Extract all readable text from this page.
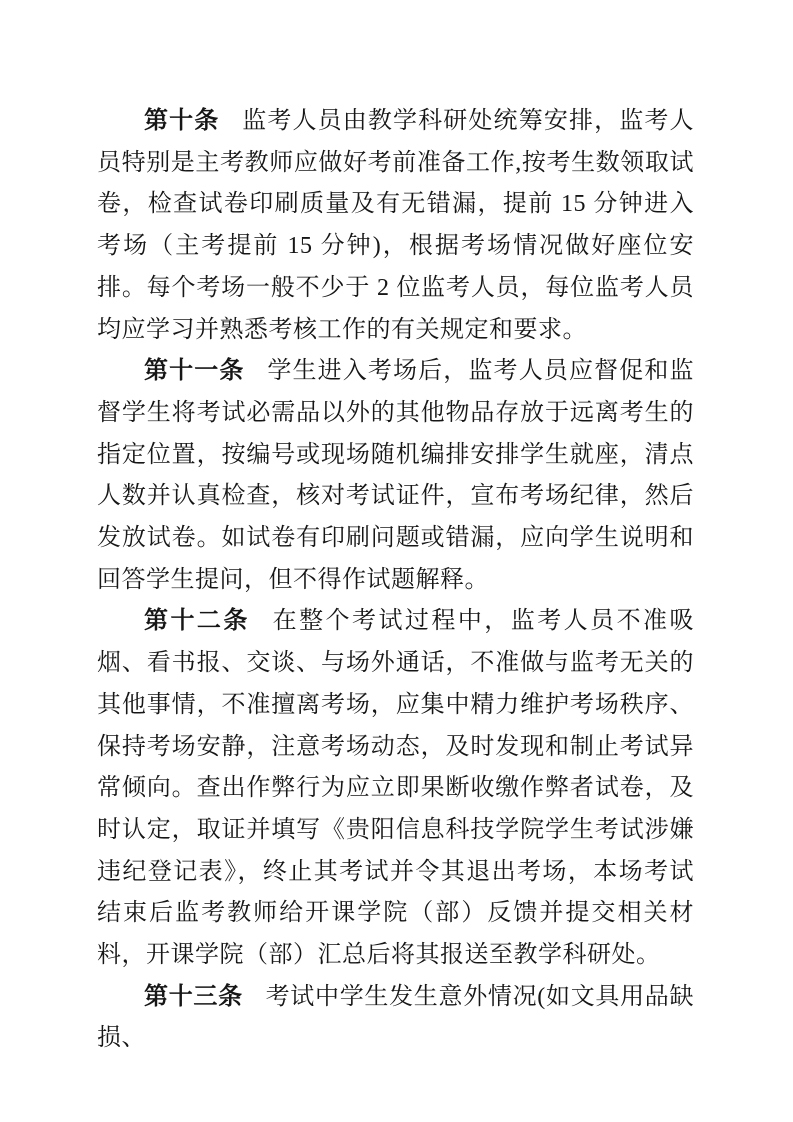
第十条 监考人员由教学科研处统筹安排，监考人员特别是主考教师应做好考前准备工作,按考生数领取试卷，检查试卷印刷质量及有无错漏，提前 15 分钟进入考场（主考提前 15 分钟)，根据考场情况做好座位安排。每个考场一般不少于 2 位监考人员，每位监考人员均应学习并熟悉考核工作的有关规定和要求。

第十一条 学生进入考场后，监考人员应督促和监督学生将考试必需品以外的其他物品存放于远离考生的指定位置，按编号或现场随机编排安排学生就座，清点人数并认真检查，核对考试证件，宣布考场纪律，然后发放试卷。如试卷有印刷问题或错漏，应向学生说明和回答学生提问，但不得作试题解释。

第十二条 在整个考试过程中，监考人员不准吸烟、看书报、交谈、与场外通话，不准做与监考无关的其他事情，不准擅离考场，应集中精力维护考场秩序、保持考场安静，注意考场动态，及时发现和制止考试异常倾向。查出作弊行为应立即果断收缴作弊者试卷，及时认定，取证并填写《贵阳信息科技学院学生考试涉嫌违纪登记表》，终止其考试并令其退出考场，本场考试结束后监考教师给开课学院（部）反馈并提交相关材料，开课学院（部）汇总后将其报送至教学科研处。

第十三条 考试中学生发生意外情况(如文具用品缺损、
